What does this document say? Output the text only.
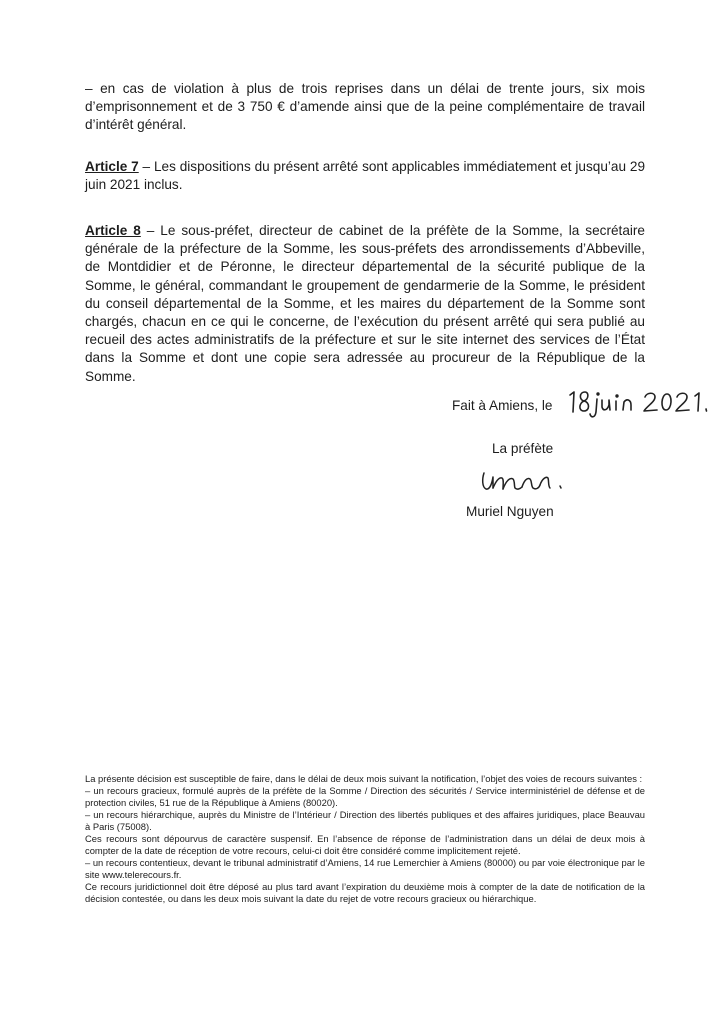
– en cas de violation à plus de trois reprises dans un délai de trente jours, six mois d’emprisonnement et de 3 750 € d’amende ainsi que de la peine complémentaire de travail d’intérêt général.

Article 7 – Les dispositions du présent arrêté sont applicables immédiatement et jusqu’au 29 juin 2021 inclus.

Article 8 – Le sous-préfet, directeur de cabinet de la préfète de la Somme, la secrétaire générale de la préfecture de la Somme, les sous-préfets des arrondissements d’Abbeville, de Montdidier et de Péronne, le directeur départemental de la sécurité publique de la Somme, le général, commandant le groupement de gendarmerie de la Somme, le président du conseil départemental de la Somme, et les maires du département de la Somme sont chargés, chacun en ce qui le concerne, de l’exécution du présent arrêté qui sera publié au recueil des actes administratifs de la préfecture et sur le site internet des services de l’État dans la Somme et dont une copie sera adressée au procureur de la République de la Somme.

Fait à Amiens, le

La préfète

Muriel Nguyen

La présente décision est susceptible de faire, dans le délai de deux mois suivant la notification, l’objet des voies de recours suivantes :

– un recours gracieux, formulé auprès de la préfète de la Somme / Direction des sécurités / Service interministériel de défense et de protection civiles, 51 rue de la République à Amiens (80020).

– un recours hiérarchique, auprès du Ministre de l’Intérieur / Direction des libertés publiques et des affaires juridiques, place Beauvau à Paris (75008).

Ces recours sont dépourvus de caractère suspensif. En l’absence de réponse de l’administration dans un délai de deux mois à compter de la date de réception de votre recours, celui-ci doit être considéré comme implicitement rejeté.

– un recours contentieux, devant le tribunal administratif d’Amiens, 14 rue Lemerchier à Amiens (80000) ou par voie électronique par le site www.telerecours.fr.

Ce recours juridictionnel doit être déposé au plus tard avant l’expiration du deuxième mois à compter de la date de notification de la décision contestée, ou dans les deux mois suivant la date du rejet de votre recours gracieux ou hiérarchique.
